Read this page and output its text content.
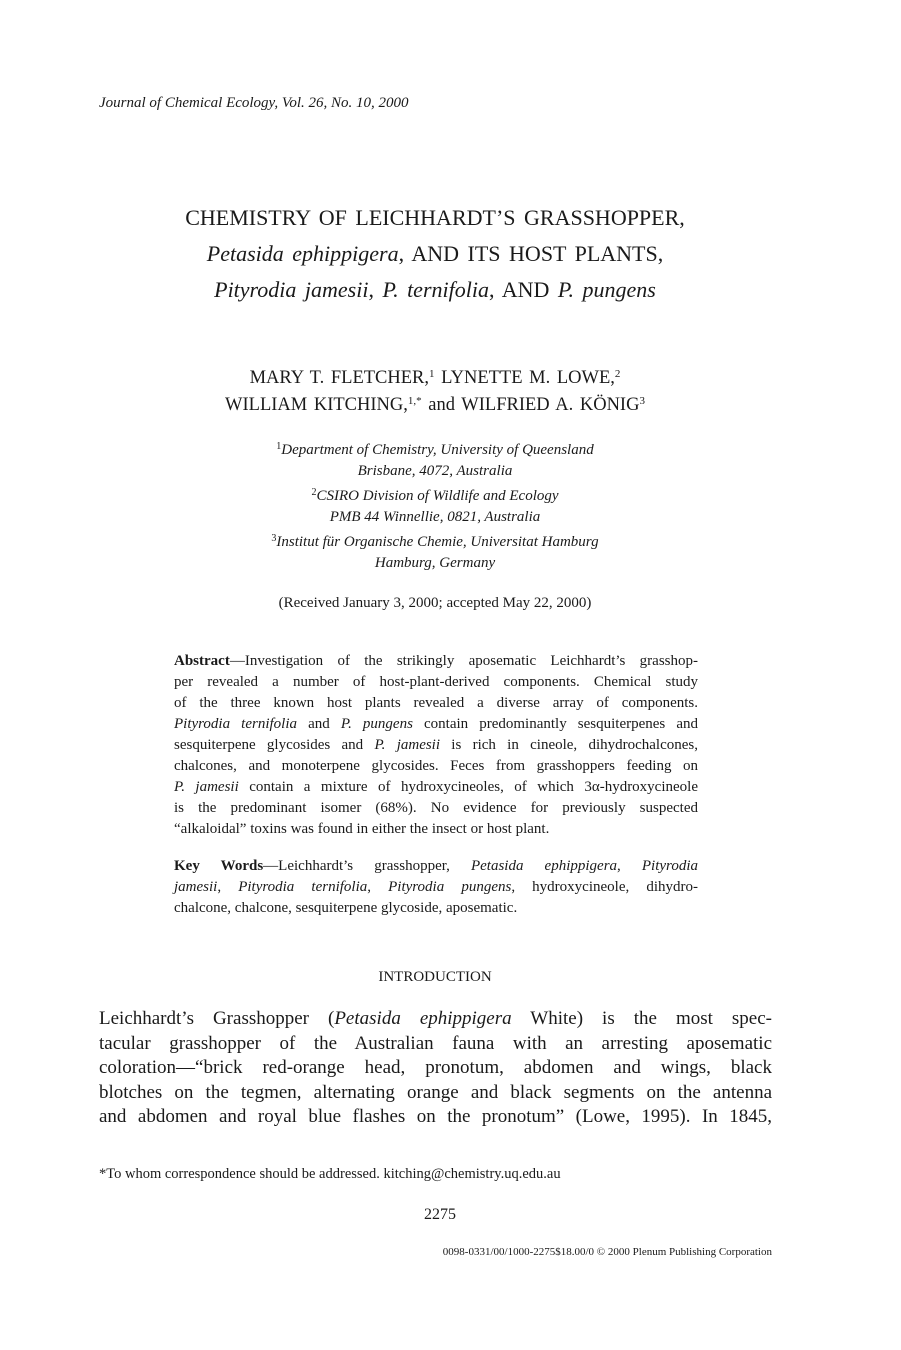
Journal of Chemical Ecology, Vol. 26, No. 10, 2000
CHEMISTRY OF LEICHHARDT’S GRASSHOPPER,
Petasida ephippigera, AND ITS HOST PLANTS,
Pityrodia jamesii, P. ternifolia, AND P. pungens
MARY T. FLETCHER,$^1$ LYNETTE M. LOWE,$^2$
WILLIAM KITCHING,$^{1,*}$ and WILFRIED A. KÖNIG$^3$
$^1$Department of Chemistry, University of Queensland
Brisbane, 4072, Australia
$^2$CSIRO Division of Wildlife and Ecology
PMB 44 Winnellie, 0821, Australia
$^3$Institut für Organische Chemie, Universitat Hamburg
Hamburg, Germany
(Received January 3, 2000; accepted May 22, 2000)
Abstract—Investigation of the strikingly aposematic Leichhardt’s grasshop-
per revealed a number of host-plant-derived components. Chemical study
of the three known host plants revealed a diverse array of components.
Pityrodia ternifolia and P. pungens contain predominantly sesquiterpenes and
sesquiterpene glycosides and P. jamesii is rich in cineole, dihydrochalcones,
chalcones, and monoterpene glycosides. Feces from grasshoppers feeding on
P. jamesii contain a mixture of hydroxycineoles, of which 3α-hydroxycineole
is the predominant isomer (68%). No evidence for previously suspected
“alkaloidal” toxins was found in either the insect or host plant.
Key Words—Leichhardt’s grasshopper, Petasida ephippigera, Pityrodia
jamesii, Pityrodia ternifolia, Pityrodia pungens, hydroxycineole, dihydro-
chalcone, chalcone, sesquiterpene glycoside, aposematic.
INTRODUCTION
Leichhardt’s Grasshopper (Petasida ephippigera White) is the most spec-
tacular grasshopper of the Australian fauna with an arresting aposematic
coloration—“brick red-orange head, pronotum, abdomen and wings, black
blotches on the tegmen, alternating orange and black segments on the antenna
and abdomen and royal blue flashes on the pronotum” (Lowe, 1995). In 1845,
*To whom correspondence should be addressed. kitching@chemistry.uq.edu.au
2275
0098-0331/00/1000-2275$18.00/0 © 2000 Plenum Publishing Corporation
